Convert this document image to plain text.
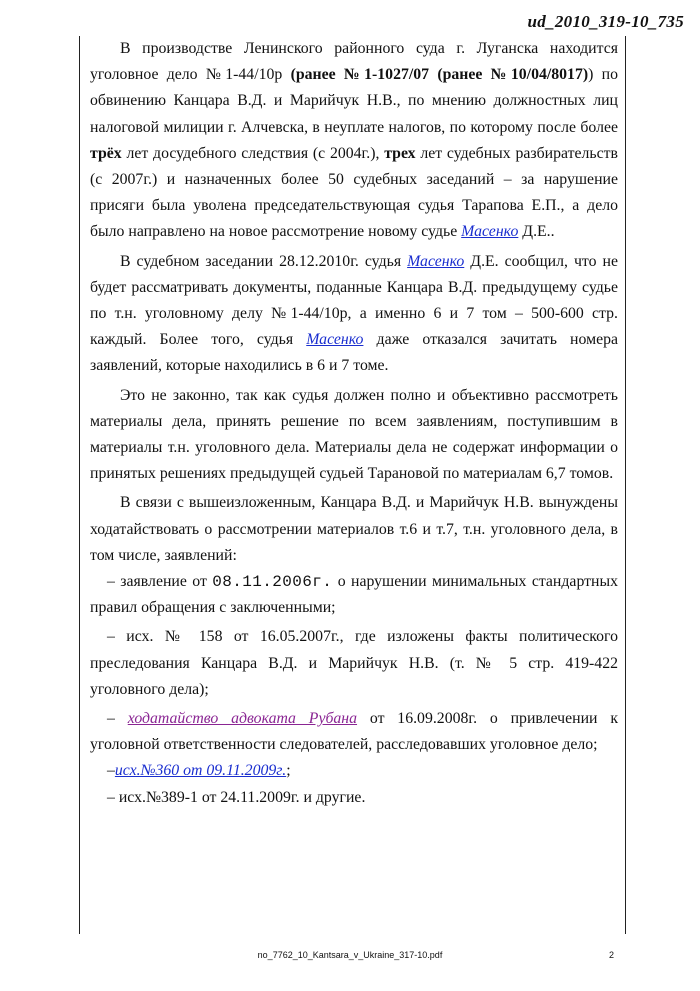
ud_2010_319-10_735

В производстве Ленинского районного суда г. Луганска находится уголовное дело №1-44/10р (ранее №1-1027/07 (ранее №10/04/8017)) по обвинению Канцара В.Д. и Марийчук Н.В., по мнению должностных лиц налоговой милиции г. Алчевска, в неуплате налогов, по которому после более трёх лет досудебного следствия (с 2004г.), трех лет судебных разбирательств (с 2007г.) и назначенных более 50 судебных заседаний – за нарушение присяги была уволена председательствующая судья Тарапова Е.П., а дело было направлено на новое рассмотрение новому судье Масенко Д.Е..

В судебном заседании 28.12.2010г. судья Масенко Д.Е. сообщил, что не будет рассматривать документы, поданные Канцара В.Д. предыдущему судье по т.н. уголовному делу №1-44/10р, а именно 6 и 7 том – 500-600 стр. каждый. Более того, судья Масенко даже отказался зачитать номера заявлений, которые находились в 6 и 7 томе.

Это не законно, так как судья должен полно и объективно рассмотреть материалы дела, принять решение по всем заявлениям, поступившим в материалы т.н. уголовного дела. Материалы дела не содержат информации о принятых решениях предыдущей судьей Тарановой по материалам 6,7 томов.

В связи с вышеизложенным, Канцара В.Д. и Марийчук Н.В. вынуждены ходатайствовать о рассмотрении материалов т.6 и т.7, т.н. уголовного дела, в том числе, заявлений:

– заявление от 08.11.2006г. о нарушении минимальных стандартных правил обращения с заключенными;

– исх. № 158 от 16.05.2007г., где изложены факты политического преследования Канцара В.Д. и Марийчук Н.В. (т. № 5 стр. 419-422 уголовного дела);

– ходатайство адвоката Рубана от 16.09.2008г. о привлечении к уголовной ответственности следователей, расследовавших уголовное дело;

–исх.№360 от 09.11.2009г.;

– исх.№389-1 от 24.11.2009г. и другие.

no_7762_10_Kantsara_v_Ukraine_317-10.pdf	2
